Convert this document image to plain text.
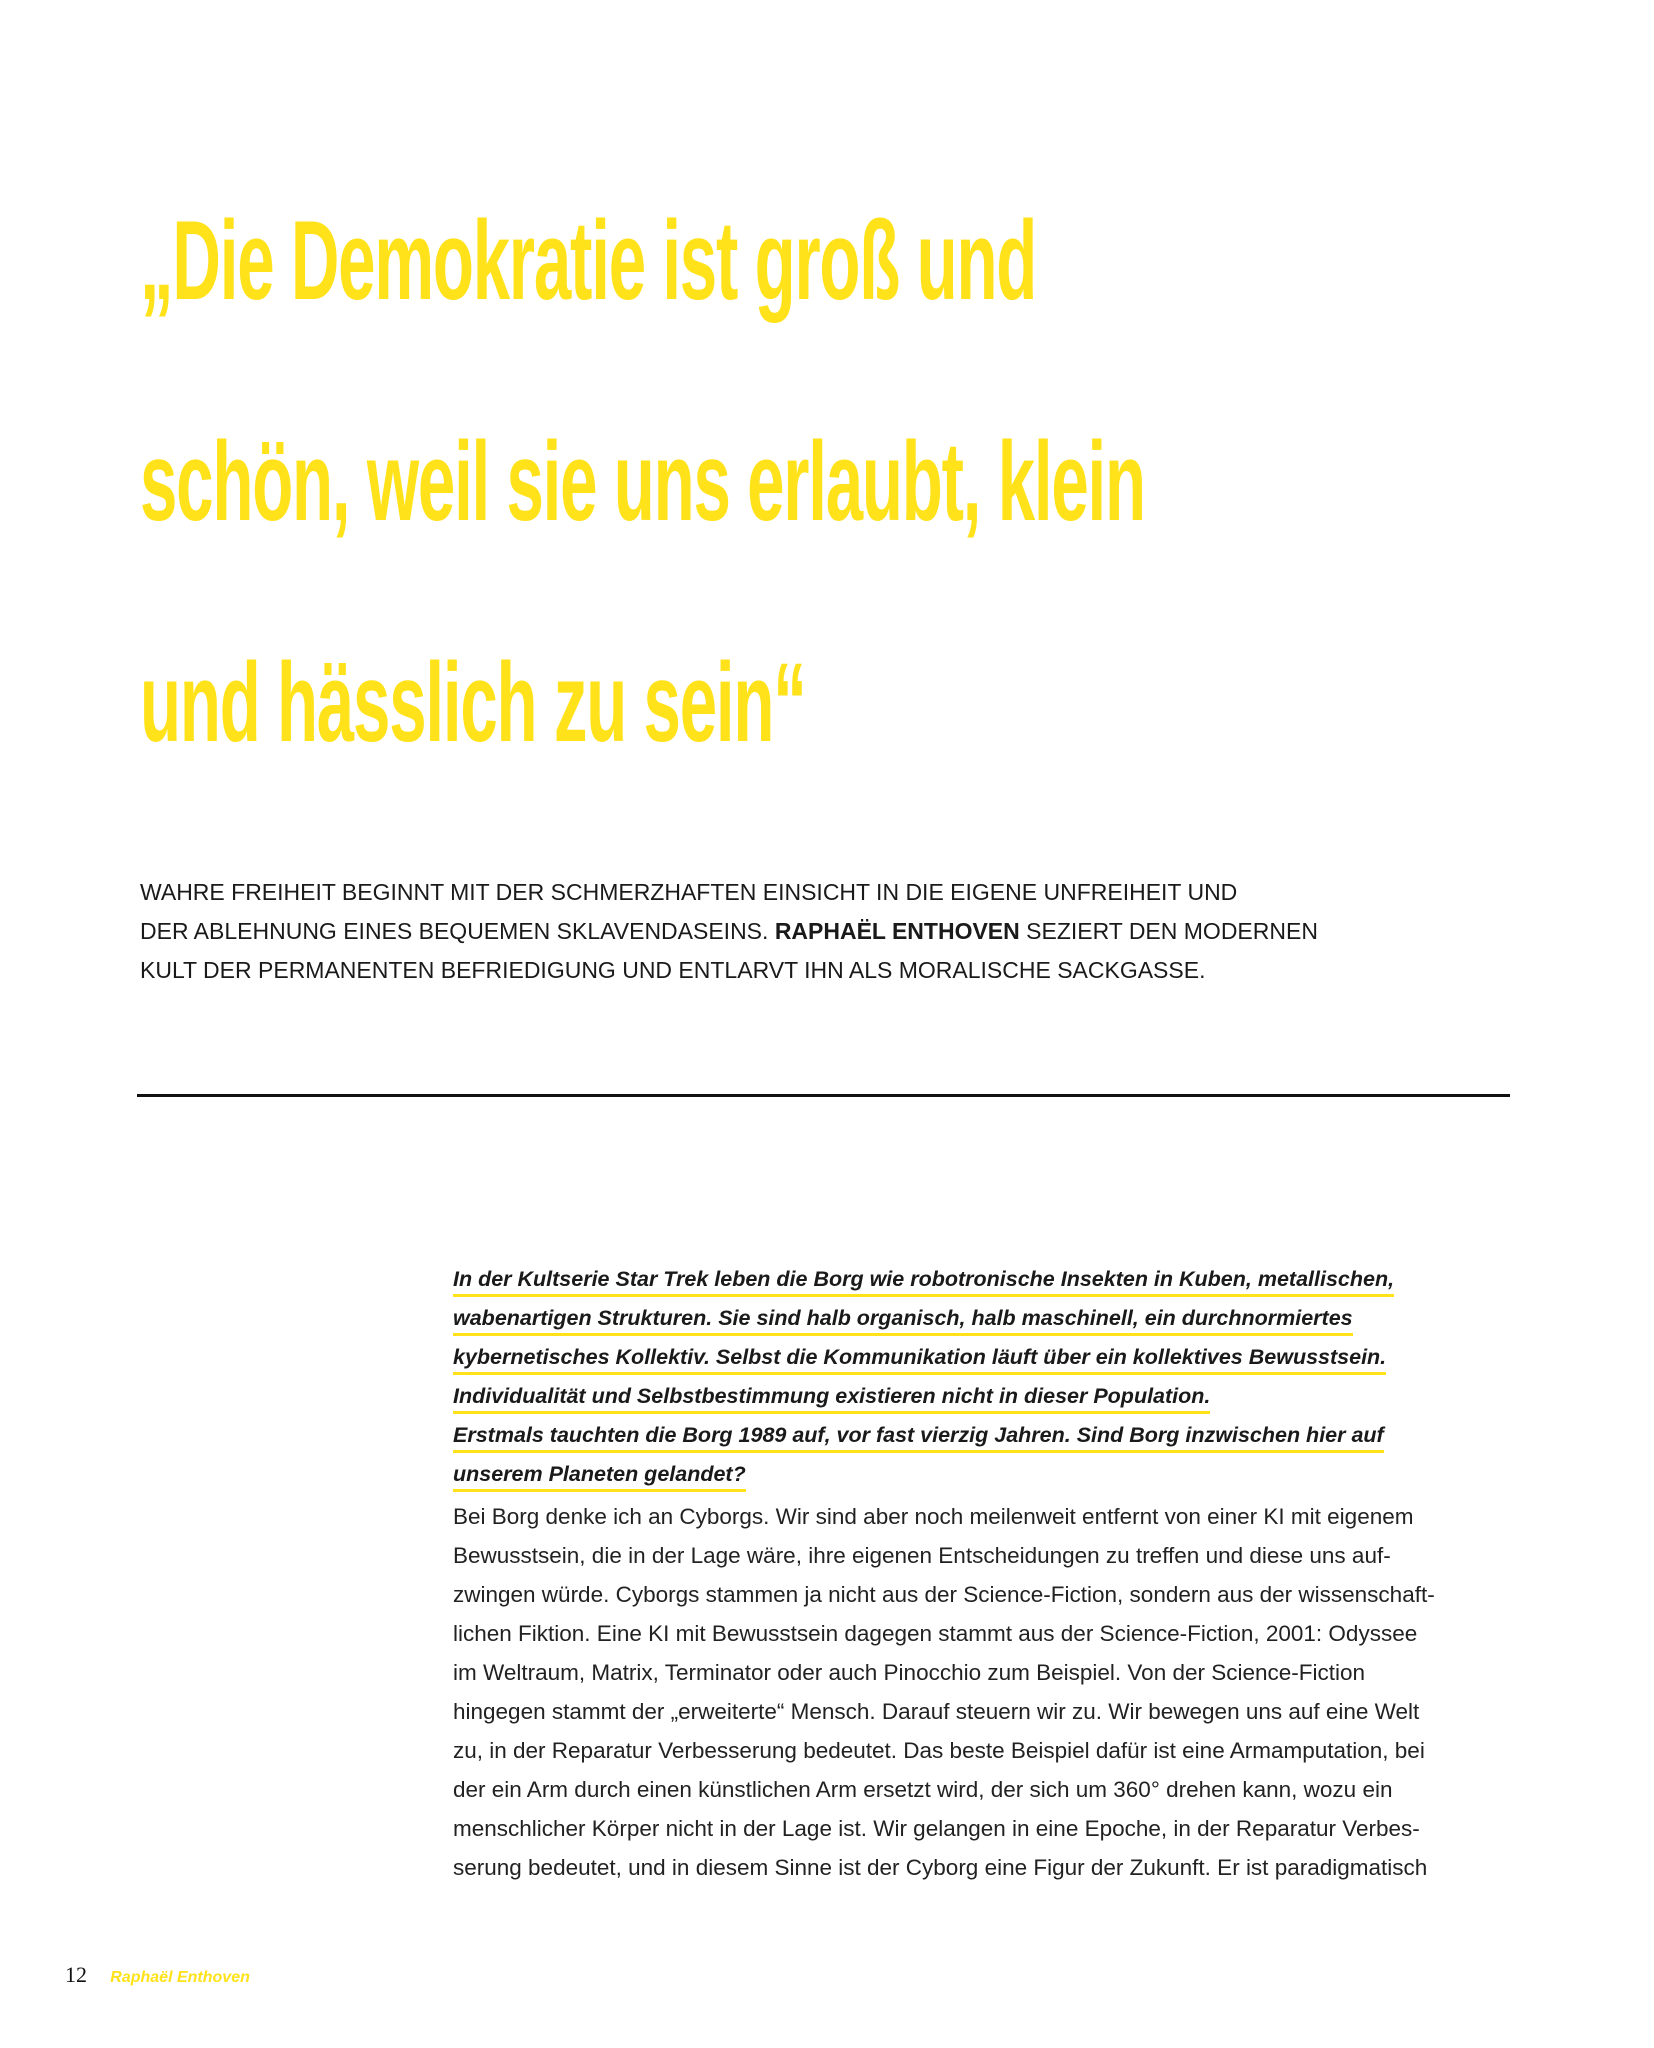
„Die Demokratie ist groß und
schön, weil sie uns erlaubt, klein
und hässlich zu sein“
WAHRE FREIHEIT BEGINNT MIT DER SCHMERZHAFTEN EINSICHT IN DIE EIGENE UNFREIHEIT UND
DER ABLEHNUNG EINES BEQUEMEN SKLAVENDASEINS. RAPHAËL ENTHOVEN SEZIERT DEN MODERNEN
KULT DER PERMANENTEN BEFRIEDIGUNG UND ENTLARVT IHN ALS MORALISCHE SACKGASSE.
In der Kultserie Star Trek leben die Borg wie robotronische Insekten in Kuben, metallischen,
wabenartigen Strukturen. Sie sind halb organisch, halb maschinell, ein durchnormiertes
kybernetisches Kollektiv. Selbst die Kommunikation läuft über ein kollektives Bewusstsein.
Individualität und Selbstbestimmung existieren nicht in dieser Population.
Erstmals tauchten die Borg 1989 auf, vor fast vierzig Jahren. Sind Borg inzwischen hier auf
unserem Planeten gelandet?
Bei Borg denke ich an Cyborgs. Wir sind aber noch meilenweit entfernt von einer KI mit eigenem
Bewusstsein, die in der Lage wäre, ihre eigenen Entscheidungen zu treffen und diese uns auf-
zwingen würde. Cyborgs stammen ja nicht aus der Science-Fiction, sondern aus der wissenschaft-
lichen Fiktion. Eine KI mit Bewusstsein dagegen stammt aus der Science-Fiction, 2001: Odyssee
im Weltraum, Matrix, Terminator oder auch Pinocchio zum Beispiel. Von der Science-Fiction
hingegen stammt der „erweiterte“ Mensch. Darauf steuern wir zu. Wir bewegen uns auf eine Welt
zu, in der Reparatur Verbesserung bedeutet. Das beste Beispiel dafür ist eine Armamputation, bei
der ein Arm durch einen künstlichen Arm ersetzt wird, der sich um 360° drehen kann, wozu ein
menschlicher Körper nicht in der Lage ist. Wir gelangen in eine Epoche, in der Reparatur Verbes-
serung bedeutet, und in diesem Sinne ist der Cyborg eine Figur der Zukunft. Er ist paradigmatisch
12 Raphaël Enthoven
